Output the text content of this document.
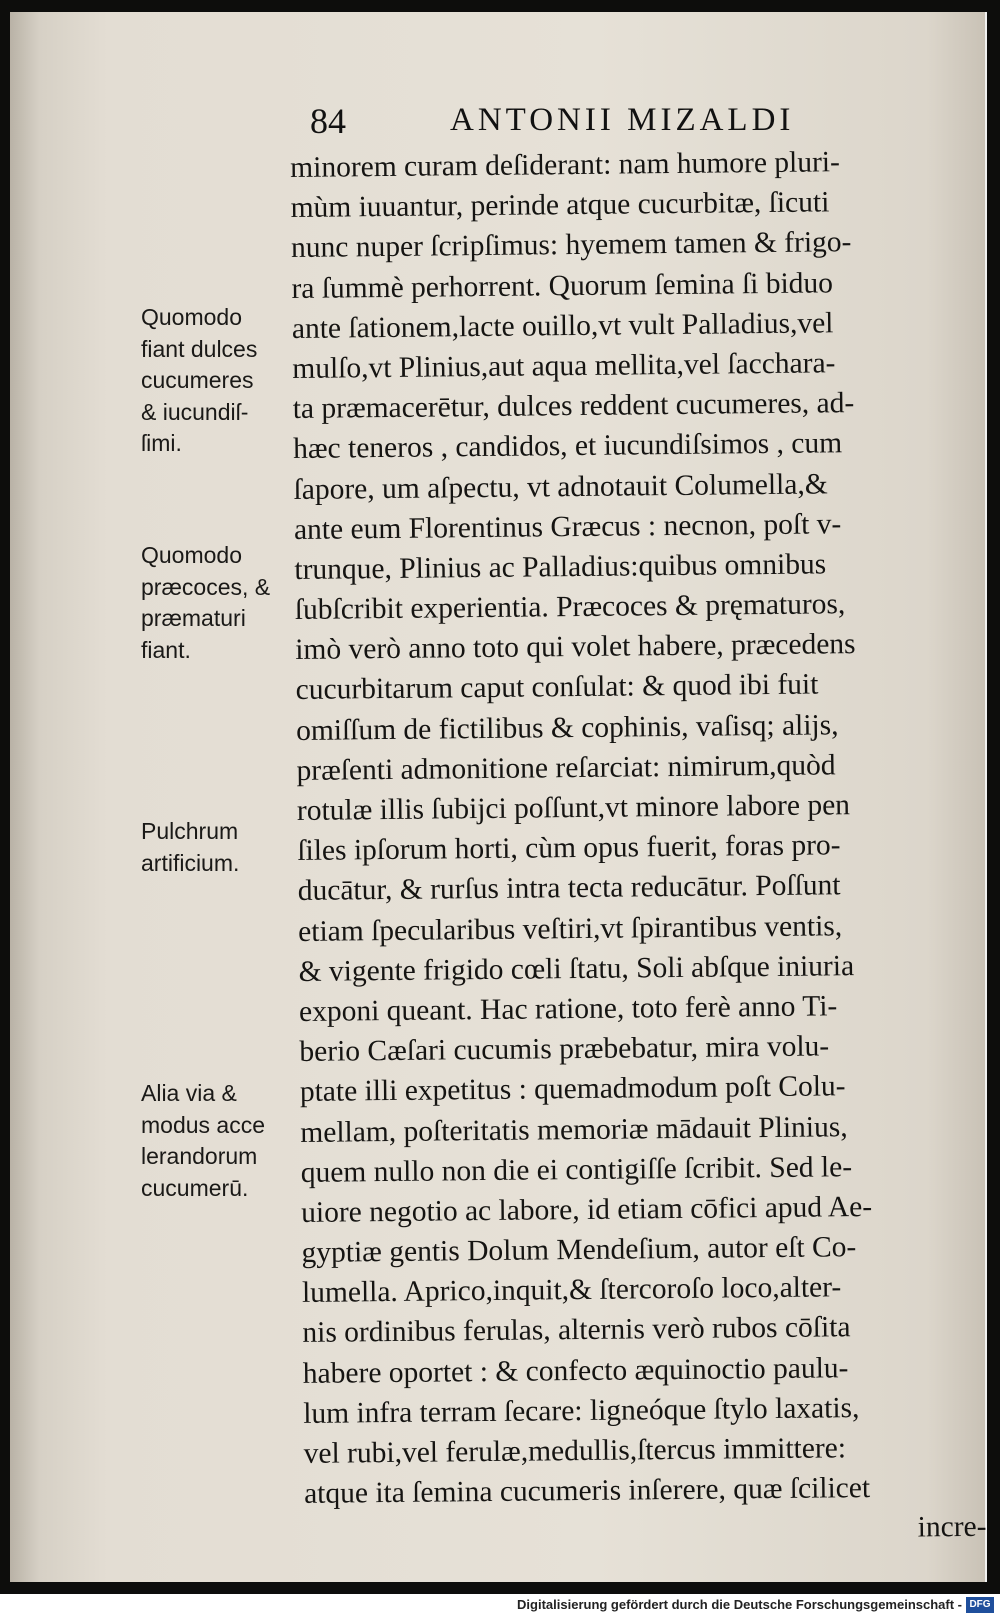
84	ANTONII MIZALDI
minorem curam deſiderant: nam humore pluri-
mùm iuuantur, perinde atque cucurbitæ, ſicuti
nunc nuper ſcripſimus: hyemem tamen & frigo-
ra ſummè perhorrent. Quorum ſemina ſi biduo
ante ſationem,lacte ouillo,vt vult Palladius,vel
mulſo,vt Plinius,aut aqua mellita,vel ſacchara-
ta præmacerētur, dulces reddent cucumeres, ad-
hæc teneros , candidos, et iucundiſsimos , cum
ſapore, um aſpectu, vt adnotauit Columella,&
ante eum Florentinus Græcus : necnon, poſt v-
trunque, Plinius ac Palladius:quibus omnibus
ſubſcribit experientia. Præcoces & pręmaturos,
imò verò anno toto qui volet habere, præcedens
cucurbitarum caput conſulat: & quod ibi fuit
omiſſum de fictilibus & cophinis, vaſisq; alijs,
præſenti admonitione reſarciat: nimirum,quòd
rotulæ illis ſubijci poſſunt,vt minore labore pen
ſiles ipſorum horti, cùm opus fuerit, foras pro-
ducātur, & rurſus intra tecta reducātur. Poſſunt
etiam ſpecularibus veſtiri,vt ſpirantibus ventis,
& vigente frigido cœli ſtatu, Soli abſque iniuria
exponi queant. Hac ratione, toto ferè anno Ti-
berio Cæſari cucumis præbebatur, mira volu-
ptate illi expetitus : quemadmodum poſt Colu-
mellam, poſteritatis memoriæ mādauit Plinius,
quem nullo non die ei contigiſſe ſcribit. Sed le-
uiore negotio ac labore, id etiam cōfici apud Ae-
gyptiæ gentis Dolum Mendeſium, autor eſt Co-
lumella. Aprico,inquit,& ſtercoroſo loco,alter-
nis ordinibus ferulas, alternis verò rubos cōſita
habere oportet : & confecto æquinoctio paulu-
lum infra terram ſecare: ligneóque ſtylo laxatis,
vel rubi,vel ferulæ,medullis,ſtercus immittere:
atque ita ſemina cucumeris inſerere, quæ ſcilicet
incre-
Quomodo
fiant dulces
cucumeres
& iucundiſ-
ſimi.
Quomodo
præcoces, &
præmaturi
fiant.
Pulchrum
artificium.
Alia via &
modus acce
lerandorum
cucumerū.
Digitalisierung gefördert durch die Deutsche Forschungsgemeinschaft - DFG
